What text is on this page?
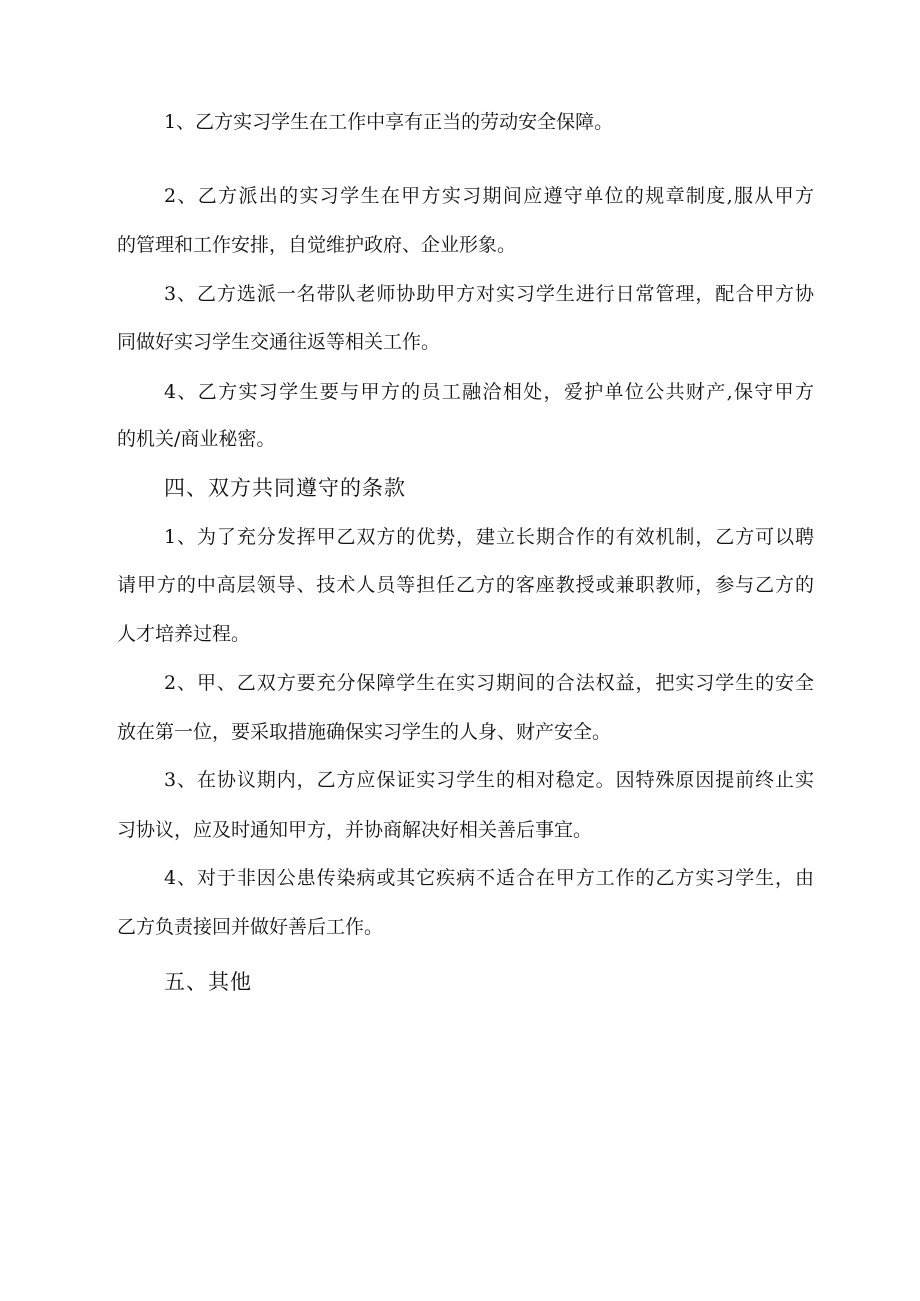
1、乙方实习学生在工作中享有正当的劳动安全保障。
2、乙方派出的实习学生在甲方实习期间应遵守单位的规章制度,服从甲方
的管理和工作安排，自觉维护政府、企业形象。
3、乙方选派一名带队老师协助甲方对实习学生进行日常管理，配合甲方协
同做好实习学生交通往返等相关工作。
4、乙方实习学生要与甲方的员工融洽相处，爱护单位公共财产,保守甲方
的机关/商业秘密。
四、双方共同遵守的条款
1、为了充分发挥甲乙双方的优势，建立长期合作的有效机制，乙方可以聘
请甲方的中高层领导、技术人员等担任乙方的客座教授或兼职教师，参与乙方的
人才培养过程。
2、甲、乙双方要充分保障学生在实习期间的合法权益，把实习学生的安全
放在第一位，要采取措施确保实习学生的人身、财产安全。
3、在协议期内，乙方应保证实习学生的相对稳定。因特殊原因提前终止实
习协议，应及时通知甲方，并协商解决好相关善后事宜。
4、对于非因公患传染病或其它疾病不适合在甲方工作的乙方实习学生，由
乙方负责接回并做好善后工作。
五、其他
